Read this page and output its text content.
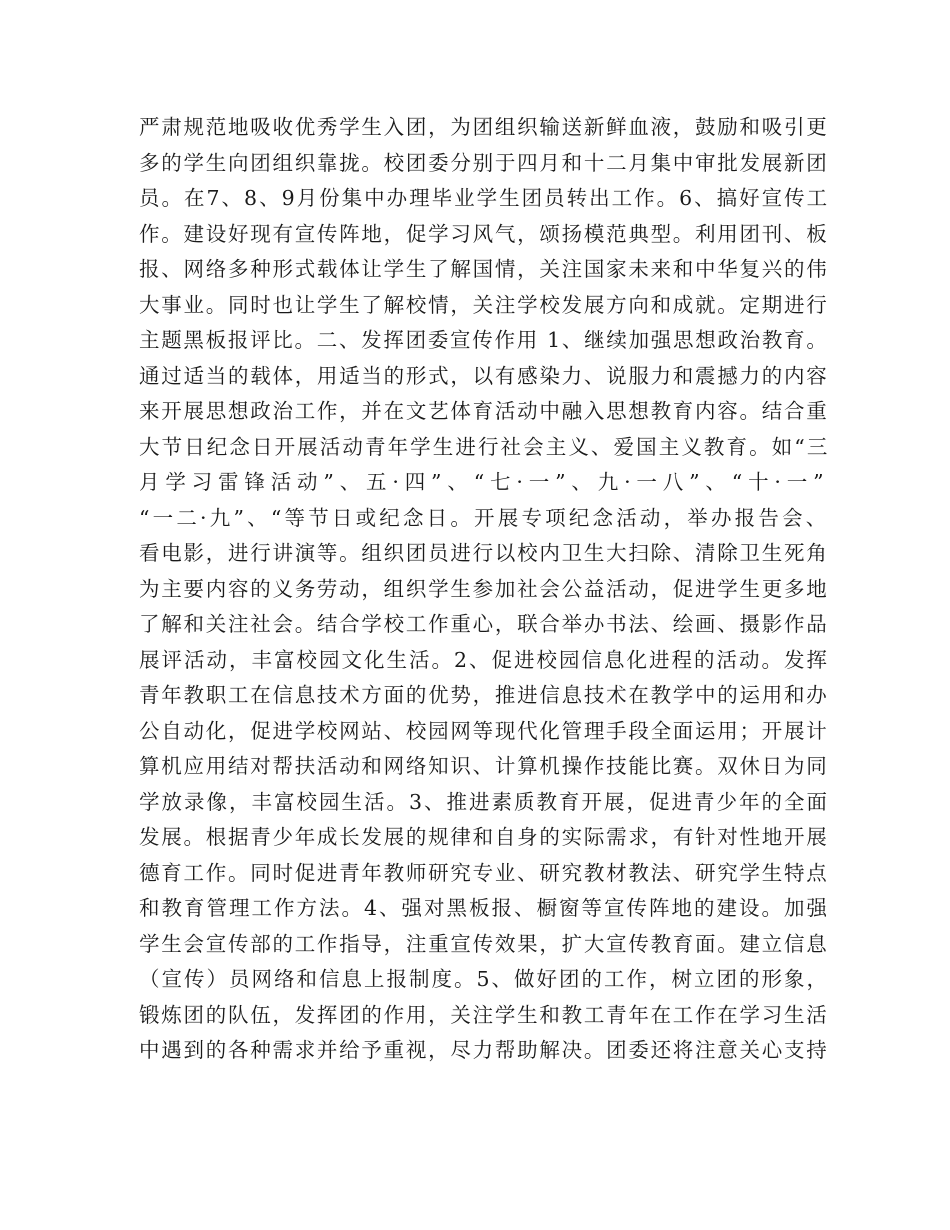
严肃规范地吸收优秀学生入团，为团组织输送新鲜血液，鼓励和吸引更
多的学生向团组织靠拢。校团委分别于四月和十二月集中审批发展新团
员。在7、8、9月份集中办理毕业学生团员转出工作。6、搞好宣传工
作。建设好现有宣传阵地，促学习风气，颂扬模范典型。利用团刊、板
报、网络多种形式载体让学生了解国情，关注国家未来和中华复兴的伟
大事业。同时也让学生了解校情，关注学校发展方向和成就。定期进行
主题黑板报评比。二、发挥团委宣传作用 1、继续加强思想政治教育。
通过适当的载体，用适当的形式，以有感染力、说服力和震撼力的内容
来开展思想政治工作，并在文艺体育活动中融入思想教育内容。结合重
大节日纪念日开展活动青年学生进行社会主义、爱国主义教育。如“三
月学习雷锋活动”、五·四”、“七·一”、九·一八”、“十·一”
“一二·九”、“等节日或纪念日。开展专项纪念活动，举办报告会、
看电影，进行讲演等。组织团员进行以校内卫生大扫除、清除卫生死角
为主要内容的义务劳动，组织学生参加社会公益活动，促进学生更多地
了解和关注社会。结合学校工作重心，联合举办书法、绘画、摄影作品
展评活动，丰富校园文化生活。2、促进校园信息化进程的活动。发挥
青年教职工在信息技术方面的优势，推进信息技术在教学中的运用和办
公自动化，促进学校网站、校园网等现代化管理手段全面运用；开展计
算机应用结对帮扶活动和网络知识、计算机操作技能比赛。双休日为同
学放录像，丰富校园生活。3、推进素质教育开展，促进青少年的全面
发展。根据青少年成长发展的规律和自身的实际需求，有针对性地开展
德育工作。同时促进青年教师研究专业、研究教材教法、研究学生特点
和教育管理工作方法。4、强对黑板报、橱窗等宣传阵地的建设。加强
学生会宣传部的工作指导，注重宣传效果，扩大宣传教育面。建立信息
（宣传）员网络和信息上报制度。5、做好团的工作，树立团的形象，
锻炼团的队伍，发挥团的作用，关注学生和教工青年在工作在学习生活
中遇到的各种需求并给予重视，尽力帮助解决。团委还将注意关心支持
